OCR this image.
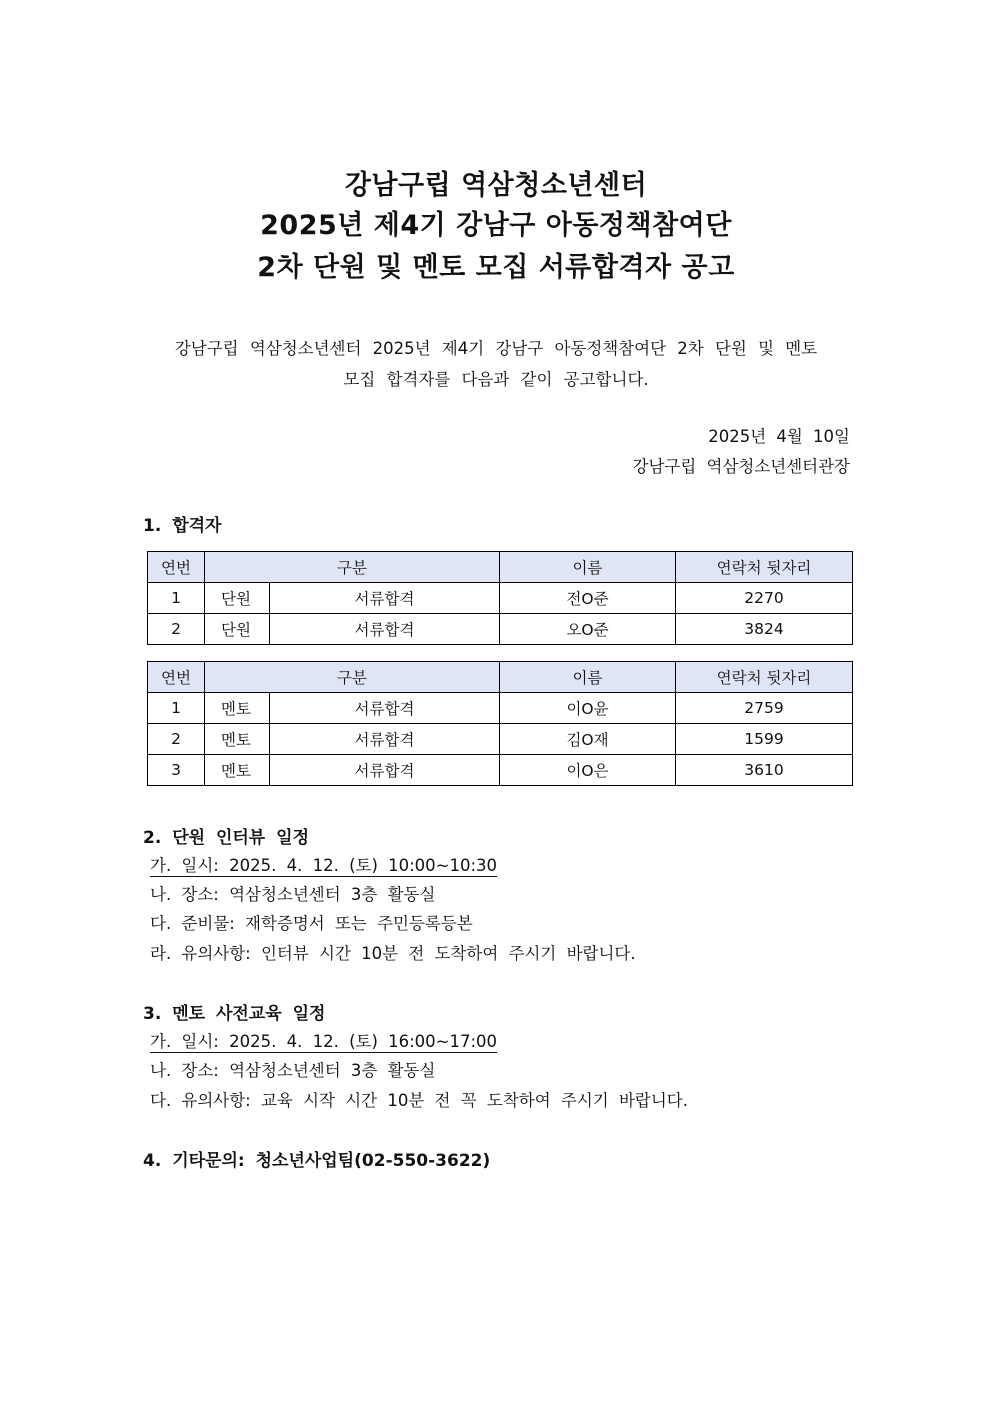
강남구립 역삼청소년센터
2025년 제4기 강남구 아동정책참여단
2차 단원 및 멘토 모집 서류합격자 공고
강남구립 역삼청소년센터 2025년 제4기 강남구 아동정책참여단 2차 단원 및 멘토
모집 합격자를 다음과 같이 공고합니다.
2025년 4월 10일
강남구립 역삼청소년센터관장
1. 합격자
연번	구분		이름	연락처 뒷자리
1	단원	서류합격	전O준	2270
2	단원	서류합격	오O준	3824
연번	구분		이름	연락처 뒷자리
1	멘토	서류합격	이O윤	2759
2	멘토	서류합격	김O재	1599
3	멘토	서류합격	이O은	3610
2. 단원 인터뷰 일정
가. 일시: 2025. 4. 12. (토) 10:00~10:30
나. 장소: 역삼청소년센터 3층 활동실
다. 준비물: 재학증명서 또는 주민등록등본
라. 유의사항: 인터뷰 시간 10분 전 도착하여 주시기 바랍니다.
3. 멘토 사전교육 일정
가. 일시: 2025. 4. 12. (토) 16:00~17:00
나. 장소: 역삼청소년센터 3층 활동실
다. 유의사항: 교육 시작 시간 10분 전 꼭 도착하여 주시기 바랍니다.
4. 기타문의: 청소년사업팀(02-550-3622)
